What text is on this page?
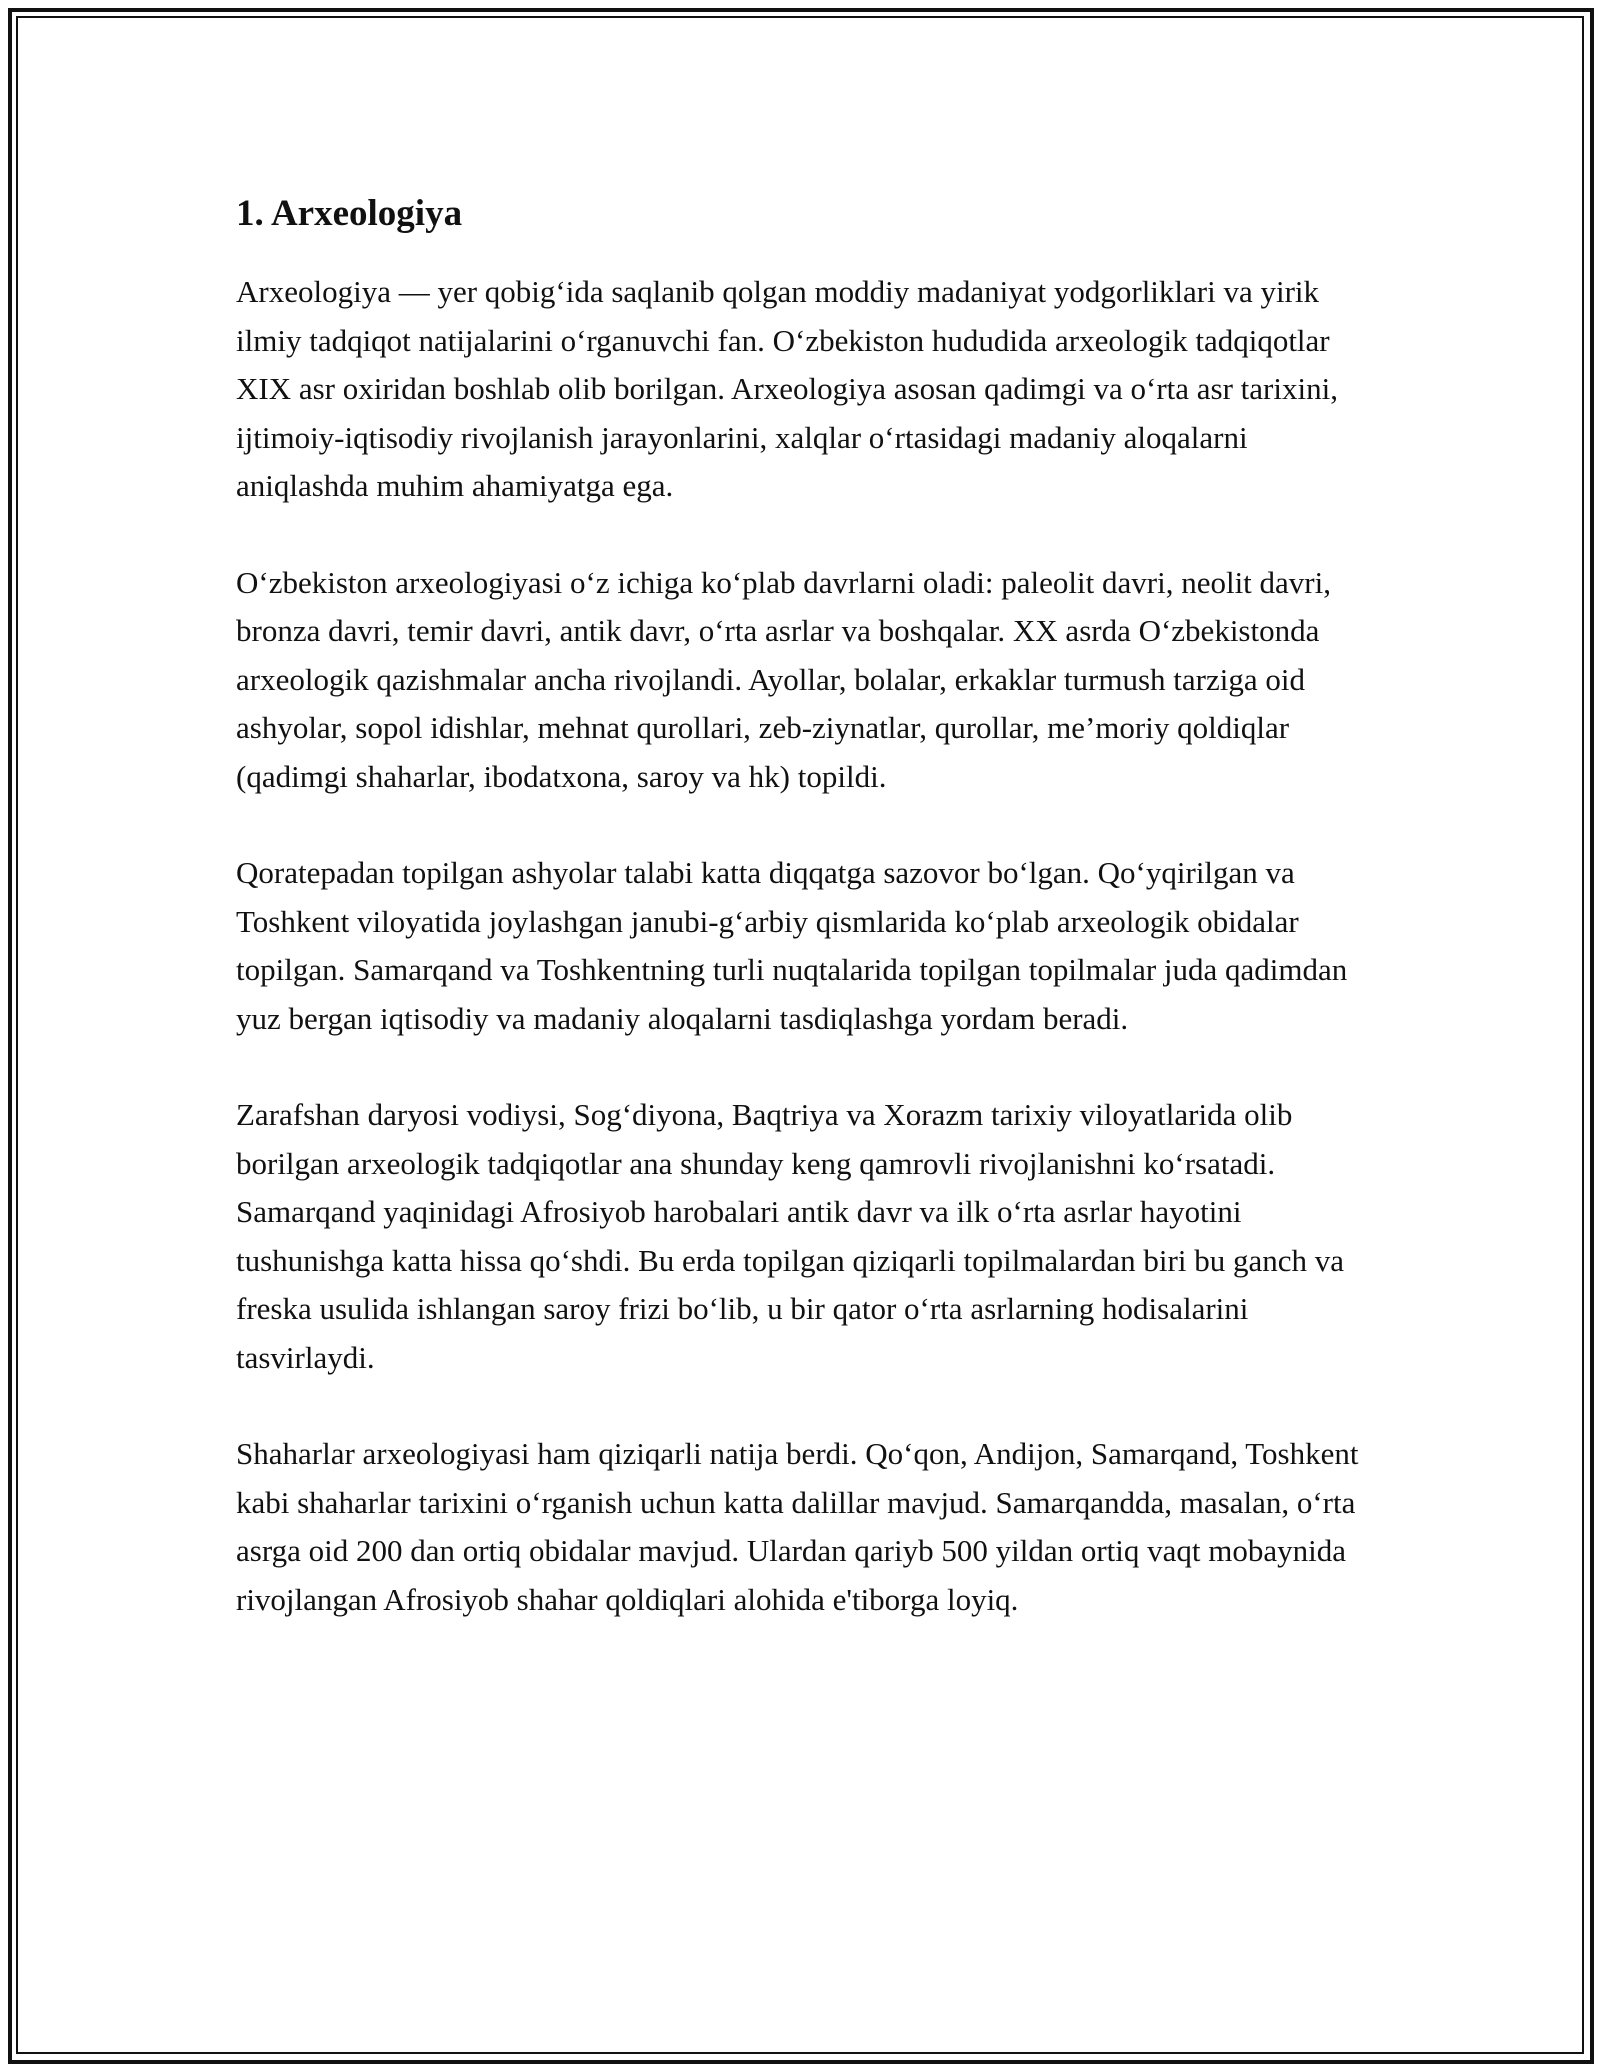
1. Arxeologiya

Arxeologiya — yer qobig‘ida saqlanib qolgan moddiy madaniyat yodgorliklari va yirik ilmiy tadqiqot natijalarini o‘rganuvchi fan. O‘zbekiston hududida arxeologik tadqiqotlar XIX asr oxiridan boshlab olib borilgan. Arxeologiya asosan qadimgi va o‘rta asr tarixini, ijtimoiy-iqtisodiy rivojlanish jarayonlarini, xalqlar o‘rtasidagi madaniy aloqalarni aniqlashda muhim ahamiyatga ega.

O‘zbekiston arxeologiyasi o‘z ichiga ko‘plab davrlarni oladi: paleolit davri, neolit davri, bronza davri, temir davri, antik davr, o‘rta asrlar va boshqalar. XX asrda O‘zbekistonda arxeologik qazishmalar ancha rivojlandi. Ayollar, bolalar, erkaklar turmush tarziga oid ashyolar, sopol idishlar, mehnat qurollari, zeb-ziynatlar, qurollar, me’moriy qoldiqlar (qadimgi shaharlar, ibodatxona, saroy va hk) topildi.

Qoratepadan topilgan ashyolar talabi katta diqqatga sazovor bo‘lgan. Qo‘yqirilgan va Toshkent viloyatida joylashgan janubi-g‘arbiy qismlarida ko‘plab arxeologik obidalar topilgan. Samarqand va Toshkentning turli nuqtalarida topilgan topilmalar juda qadimdan yuz bergan iqtisodiy va madaniy aloqalarni tasdiqlashga yordam beradi.

Zarafshan daryosi vodiysi, Sog‘diyona, Baqtriya va Xorazm tarixiy viloyatlarida olib borilgan arxeologik tadqiqotlar ana shunday keng qamrovli rivojlanishni ko‘rsatadi. Samarqand yaqinidagi Afrosiyob harobalari antik davr va ilk o‘rta asrlar hayotini tushunishga katta hissa qo‘shdi. Bu erda topilgan qiziqarli topilmalardan biri bu ganch va freska usulida ishlangan saroy frizi bo‘lib, u bir qator o‘rta asrlarning hodisalarini tasvirlaydi.

Shaharlar arxeologiyasi ham qiziqarli natija berdi. Qo‘qon, Andijon, Samarqand, Toshkent kabi shaharlar tarixini o‘rganish uchun katta dalillar mavjud. Samarqandda, masalan, o‘rta asrga oid 200 dan ortiq obidalar mavjud. Ulardan qariyb 500 yildan ortiq vaqt mobaynida rivojlangan Afrosiyob shahar qoldiqlari alohida e'tiborga loyiq.
